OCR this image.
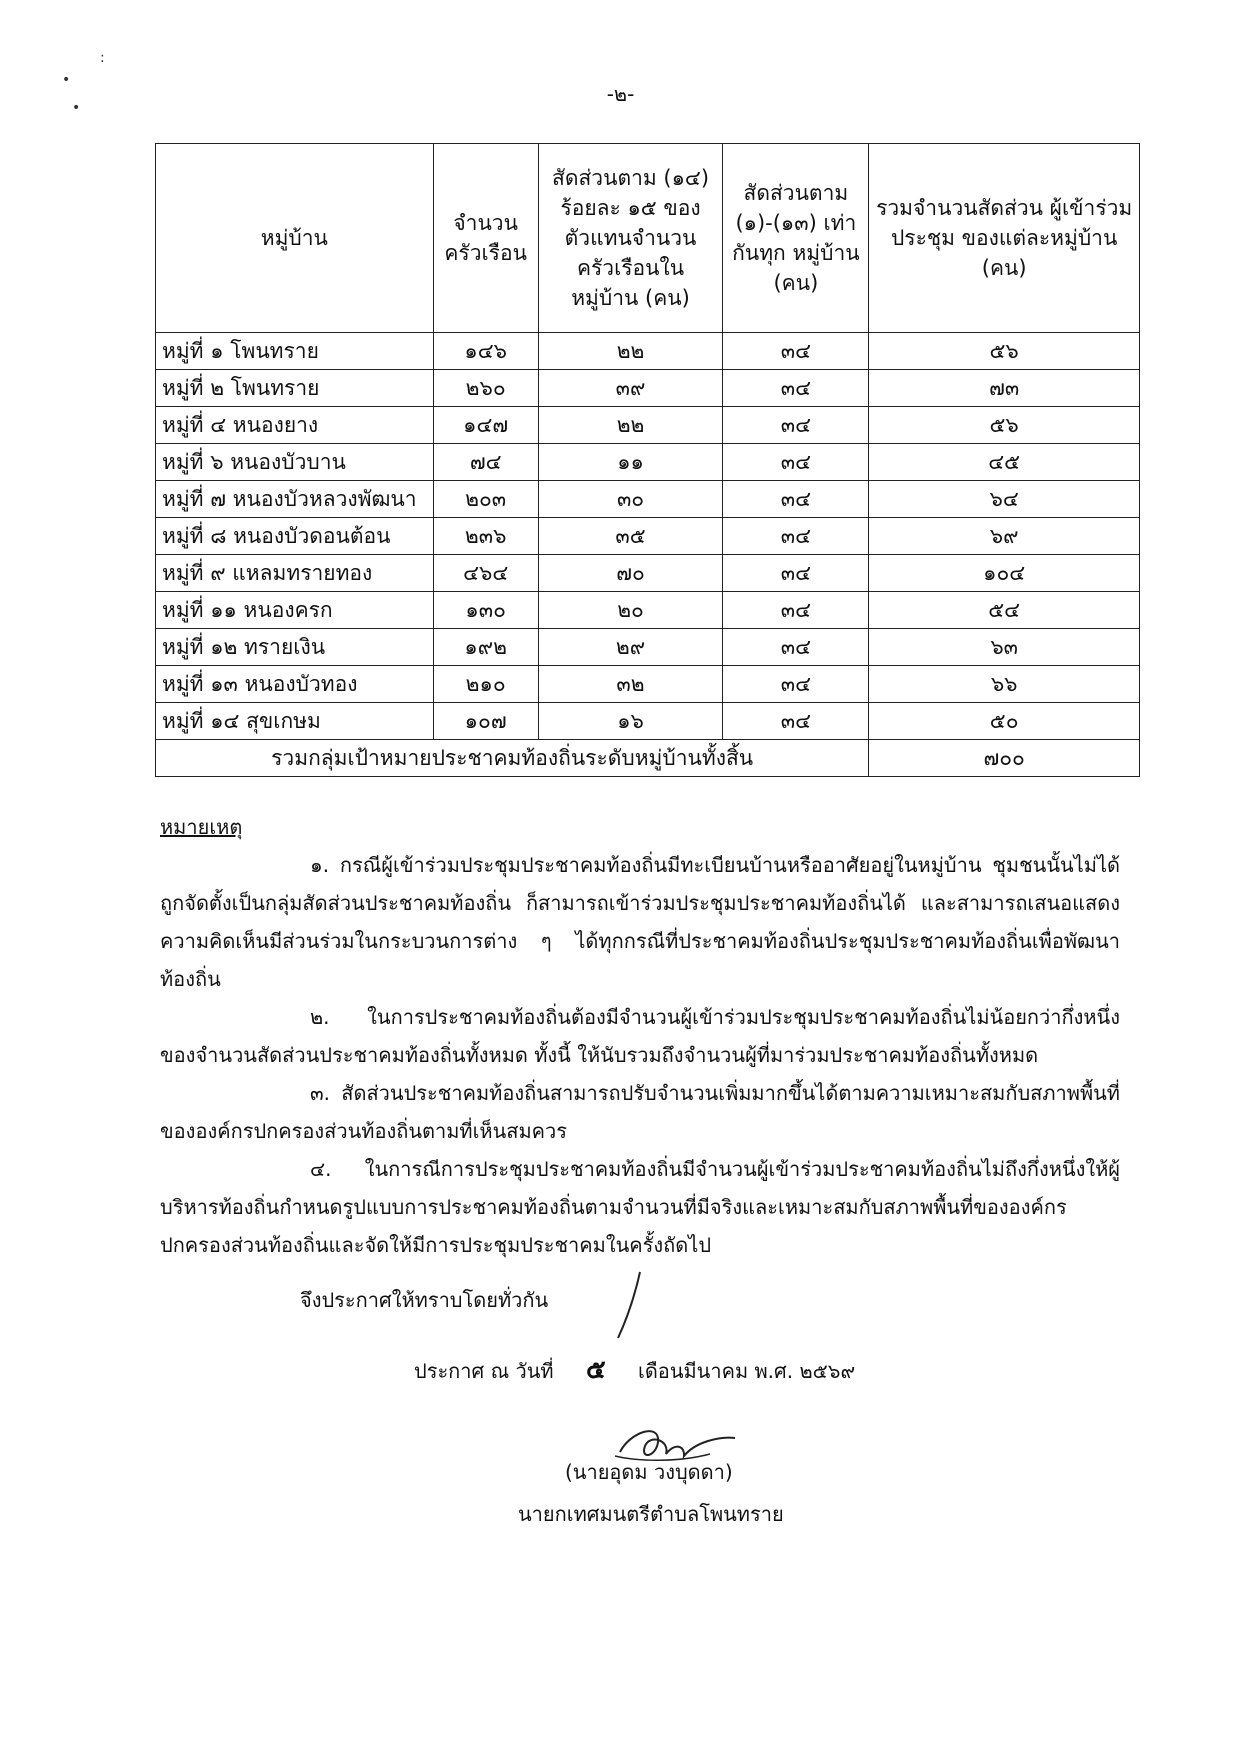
:
•
•
-๒-
หมู่บ้าน	จำนวน ครัวเรือน	สัดส่วนตาม (๑๔) ร้อยละ ๑๕ ของ ตัวแทนจำนวน ครัวเรือนในหมู่บ้าน (คน)	สัดส่วนตาม (๑)-(๑๓) เท่ากันทุก หมู่บ้าน (คน)	รวมจำนวนสัดส่วน ผู้เข้าร่วมประชุม ของแต่ละหมู่บ้าน (คน)
หมู่ที่ ๑ โพนทราย	๑๔๖	๒๒	๓๔	๕๖
หมู่ที่ ๒ โพนทราย	๒๖๐	๓๙	๓๔	๗๓
หมู่ที่ ๔ หนองยาง	๑๔๗	๒๒	๓๔	๕๖
หมู่ที่ ๖ หนองบัวบาน	๗๔	๑๑	๓๔	๔๕
หมู่ที่ ๗ หนองบัวหลวงพัฒนา	๒๐๓	๓๐	๓๔	๖๔
หมู่ที่ ๘ หนองบัวดอนต้อน	๒๓๖	๓๕	๓๔	๖๙
หมู่ที่ ๙ แหลมทรายทอง	๔๖๔	๗๐	๓๔	๑๐๔
หมู่ที่ ๑๑ หนองครก	๑๓๐	๒๐	๓๔	๕๔
หมู่ที่ ๑๒ ทรายเงิน	๑๙๒	๒๙	๓๔	๖๓
หมู่ที่ ๑๓ หนองบัวทอง	๒๑๐	๓๒	๓๔	๖๖
หมู่ที่ ๑๔ สุขเกษม	๑๐๗	๑๖	๓๔	๕๐
รวมกลุ่มเป้าหมายประชาคมท้องถิ่นระดับหมู่บ้านทั้งสิ้น				๗๐๐
หมายเหตุ

๑. กรณีผู้เข้าร่วมประชุมประชาคมท้องถิ่นมีทะเบียนบ้านหรืออาศัยอยู่ในหมู่บ้าน ชุมชนนั้นไม่ได้ถูกจัดตั้งเป็นกลุ่มสัดส่วนประชาคมท้องถิ่น ก็สามารถเข้าร่วมประชุมประชาคมท้องถิ่นได้ และสามารถเสนอแสดงความคิดเห็นมีส่วนร่วมในกระบวนการต่าง ๆ ได้ทุกกรณีที่ประชาคมท้องถิ่นประชุมประชาคมท้องถิ่นเพื่อพัฒนาท้องถิ่น

๒. ในการประชาคมท้องถิ่นต้องมีจำนวนผู้เข้าร่วมประชุมประชาคมท้องถิ่นไม่น้อยกว่ากึ่งหนึ่งของจำนวนสัดส่วนประชาคมท้องถิ่นทั้งหมด ทั้งนี้ ให้นับรวมถึงจำนวนผู้ที่มาร่วมประชาคมท้องถิ่นทั้งหมด

๓. สัดส่วนประชาคมท้องถิ่นสามารถปรับจำนวนเพิ่มมากขึ้นได้ตามความเหมาะสมกับสภาพพื้นที่ขององค์กรปกครองส่วนท้องถิ่นตามที่เห็นสมควร

๔. ในการณีการประชุมประชาคมท้องถิ่นมีจำนวนผู้เข้าร่วมประชาคมท้องถิ่นไม่ถึงกึ่งหนึ่งให้ผู้บริหารท้องถิ่นกำหนดรูปแบบการประชาคมท้องถิ่นตามจำนวนที่มีจริงและเหมาะสมกับสภาพพื้นที่ขององค์กรปกครองส่วนท้องถิ่นและจัดให้มีการประชุมประชาคมในครั้งถัดไป

จึงประกาศให้ทราบโดยทั่วกัน
ประกาศ ณ วันที่ ๕ เดือนมีนาคม พ.ศ. ๒๕๖๙
(นายอุดม วงบุดดา)
นายกเทศมนตรีตำบลโพนทราย
